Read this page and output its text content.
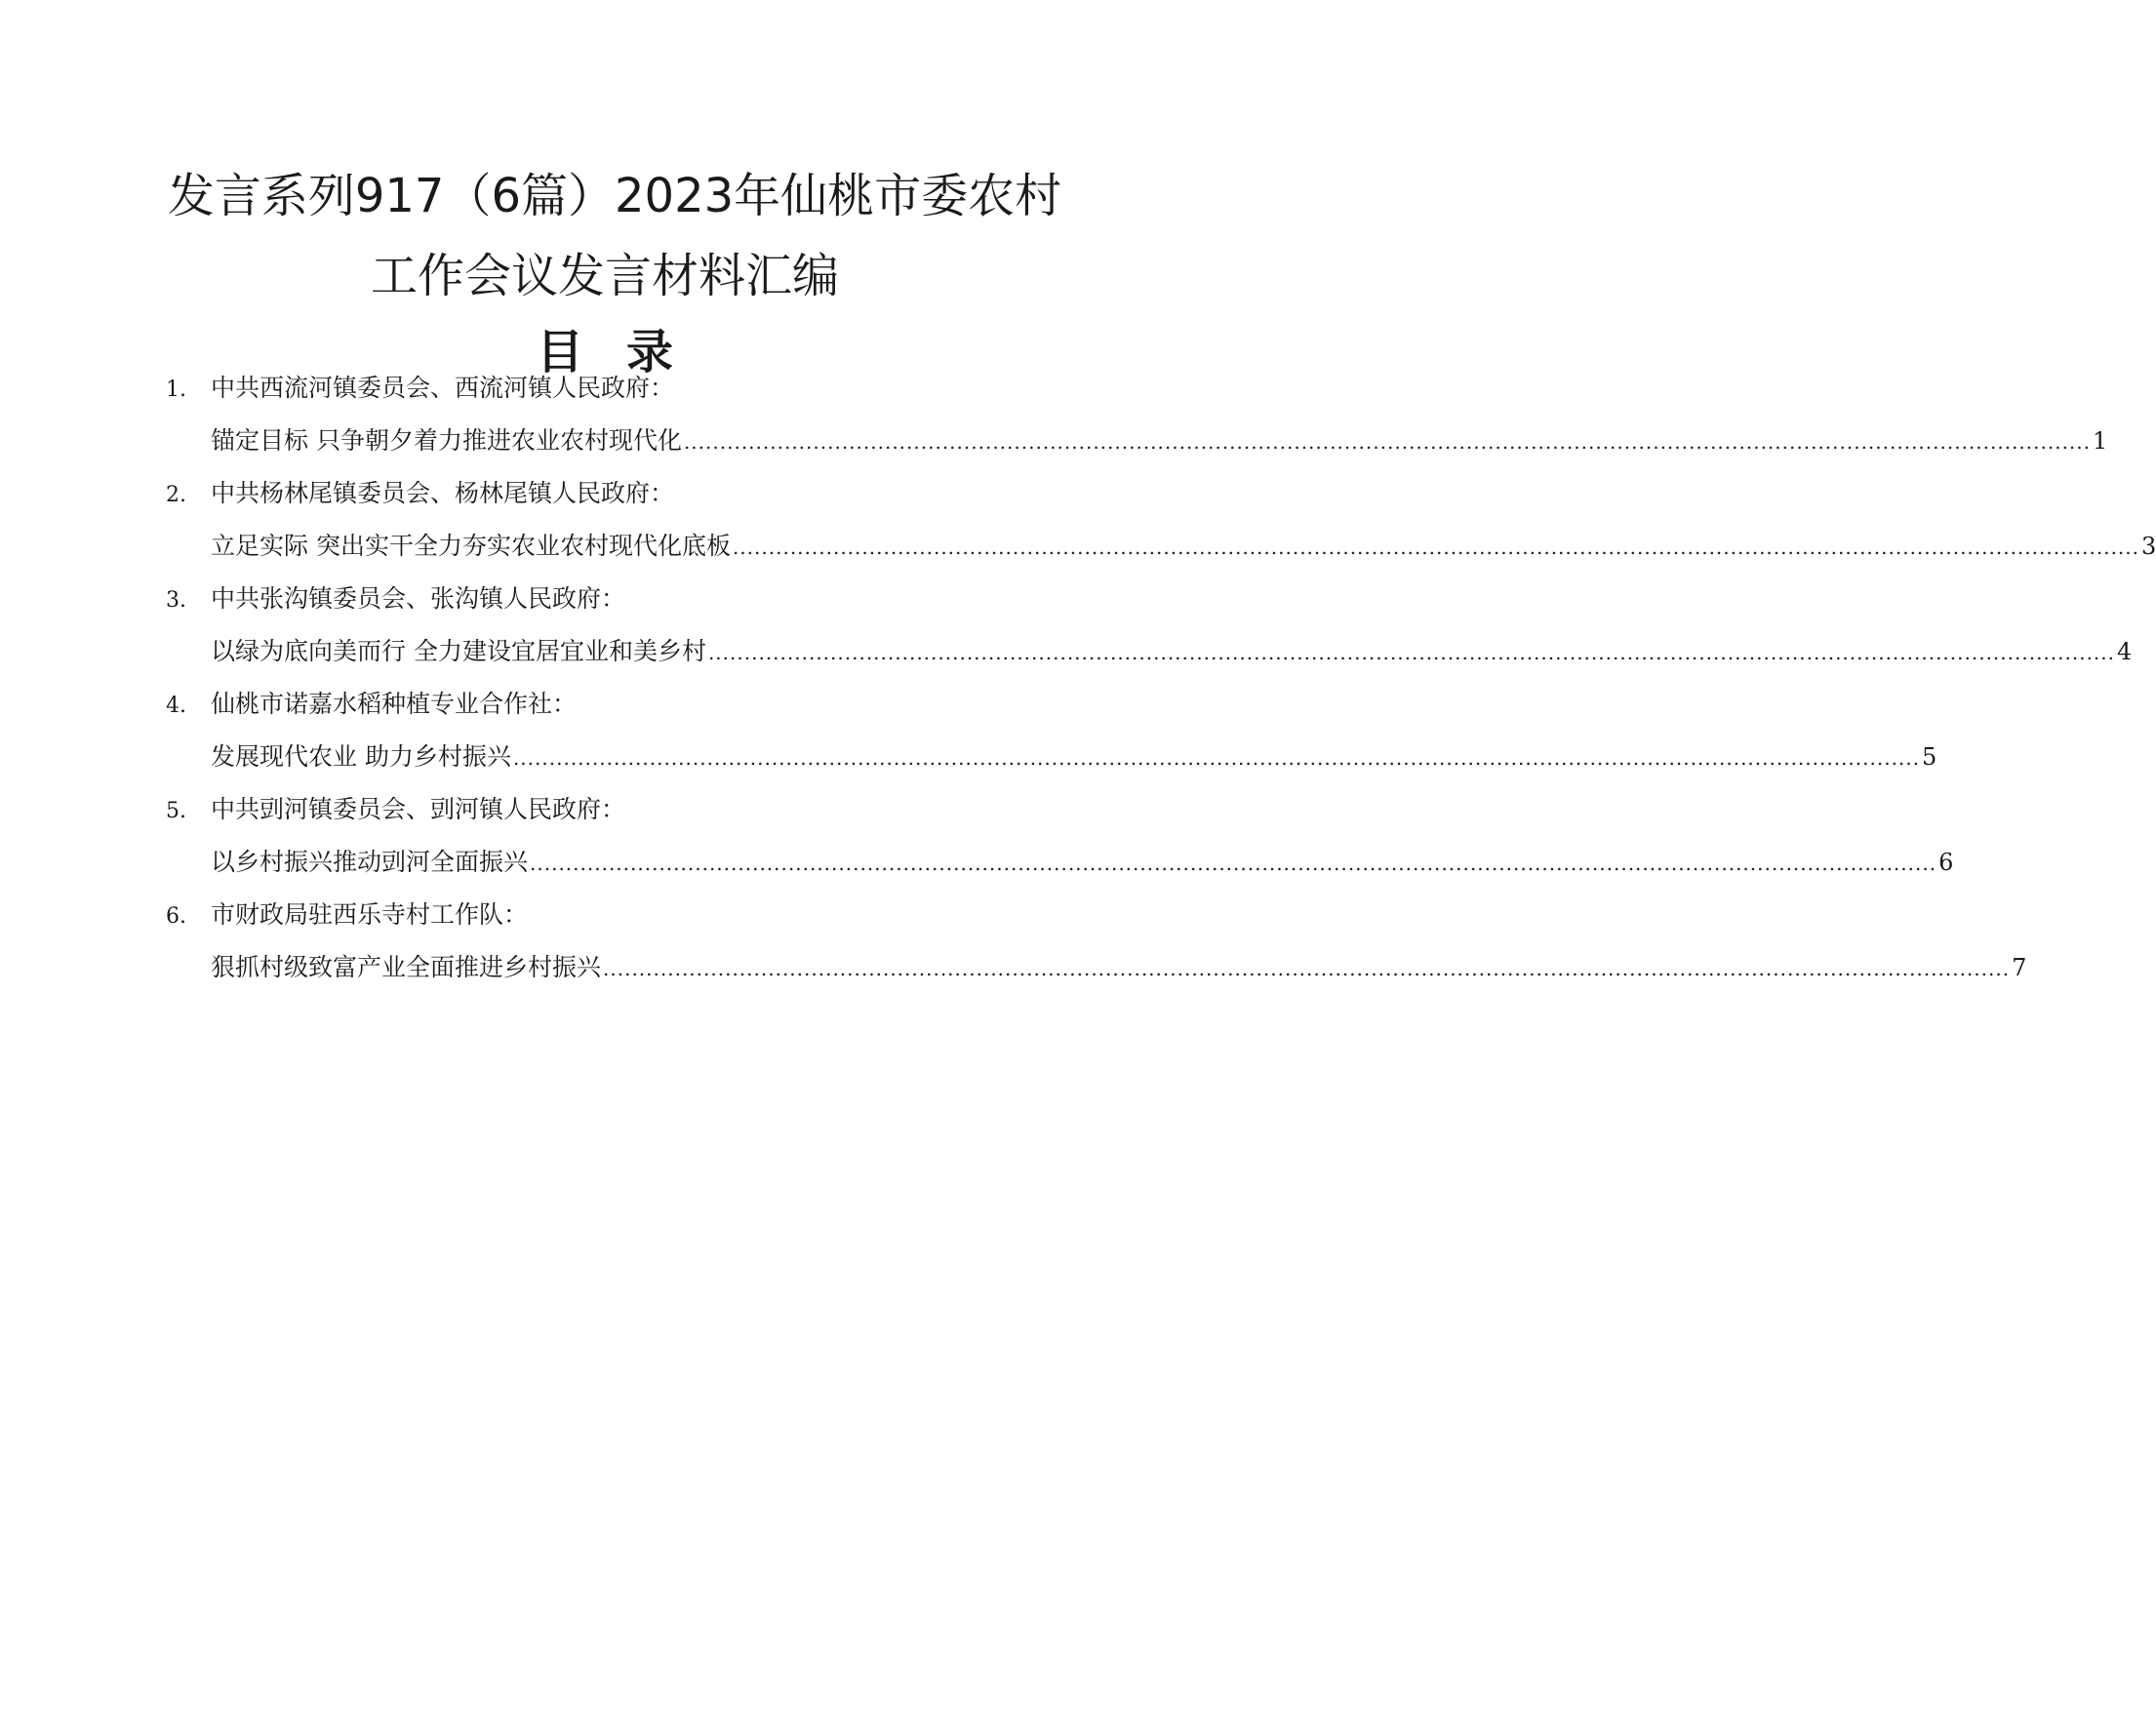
发言系列917（6篇）2023年仙桃市委农村
工作会议发言材料汇编
目 录
1. 中共西流河镇委员会、西流河镇人民政府：
锚定目标 只争朝夕着力推进农业农村现代化 .................................................................................................................................................................................................... 1
2. 中共杨林尾镇委员会、杨林尾镇人民政府：
立足实际 突出实干全力夯实农业农村现代化底板 .................................................................................................................................................................................................... 3
3. 中共张沟镇委员会、张沟镇人民政府：
以绿为底向美而行 全力建设宜居宜业和美乡村 .................................................................................................................................................................................................... 4
4. 仙桃市诺嘉水稻种植专业合作社：
发展现代农业 助力乡村振兴 .................................................................................................................................................................................................... 5
5. 中共剅河镇委员会、剅河镇人民政府：
以乡村振兴推动剅河全面振兴 .................................................................................................................................................................................................... 6
6. 市财政局驻西乐寺村工作队：
狠抓村级致富产业全面推进乡村振兴 .................................................................................................................................................................................................... 7
